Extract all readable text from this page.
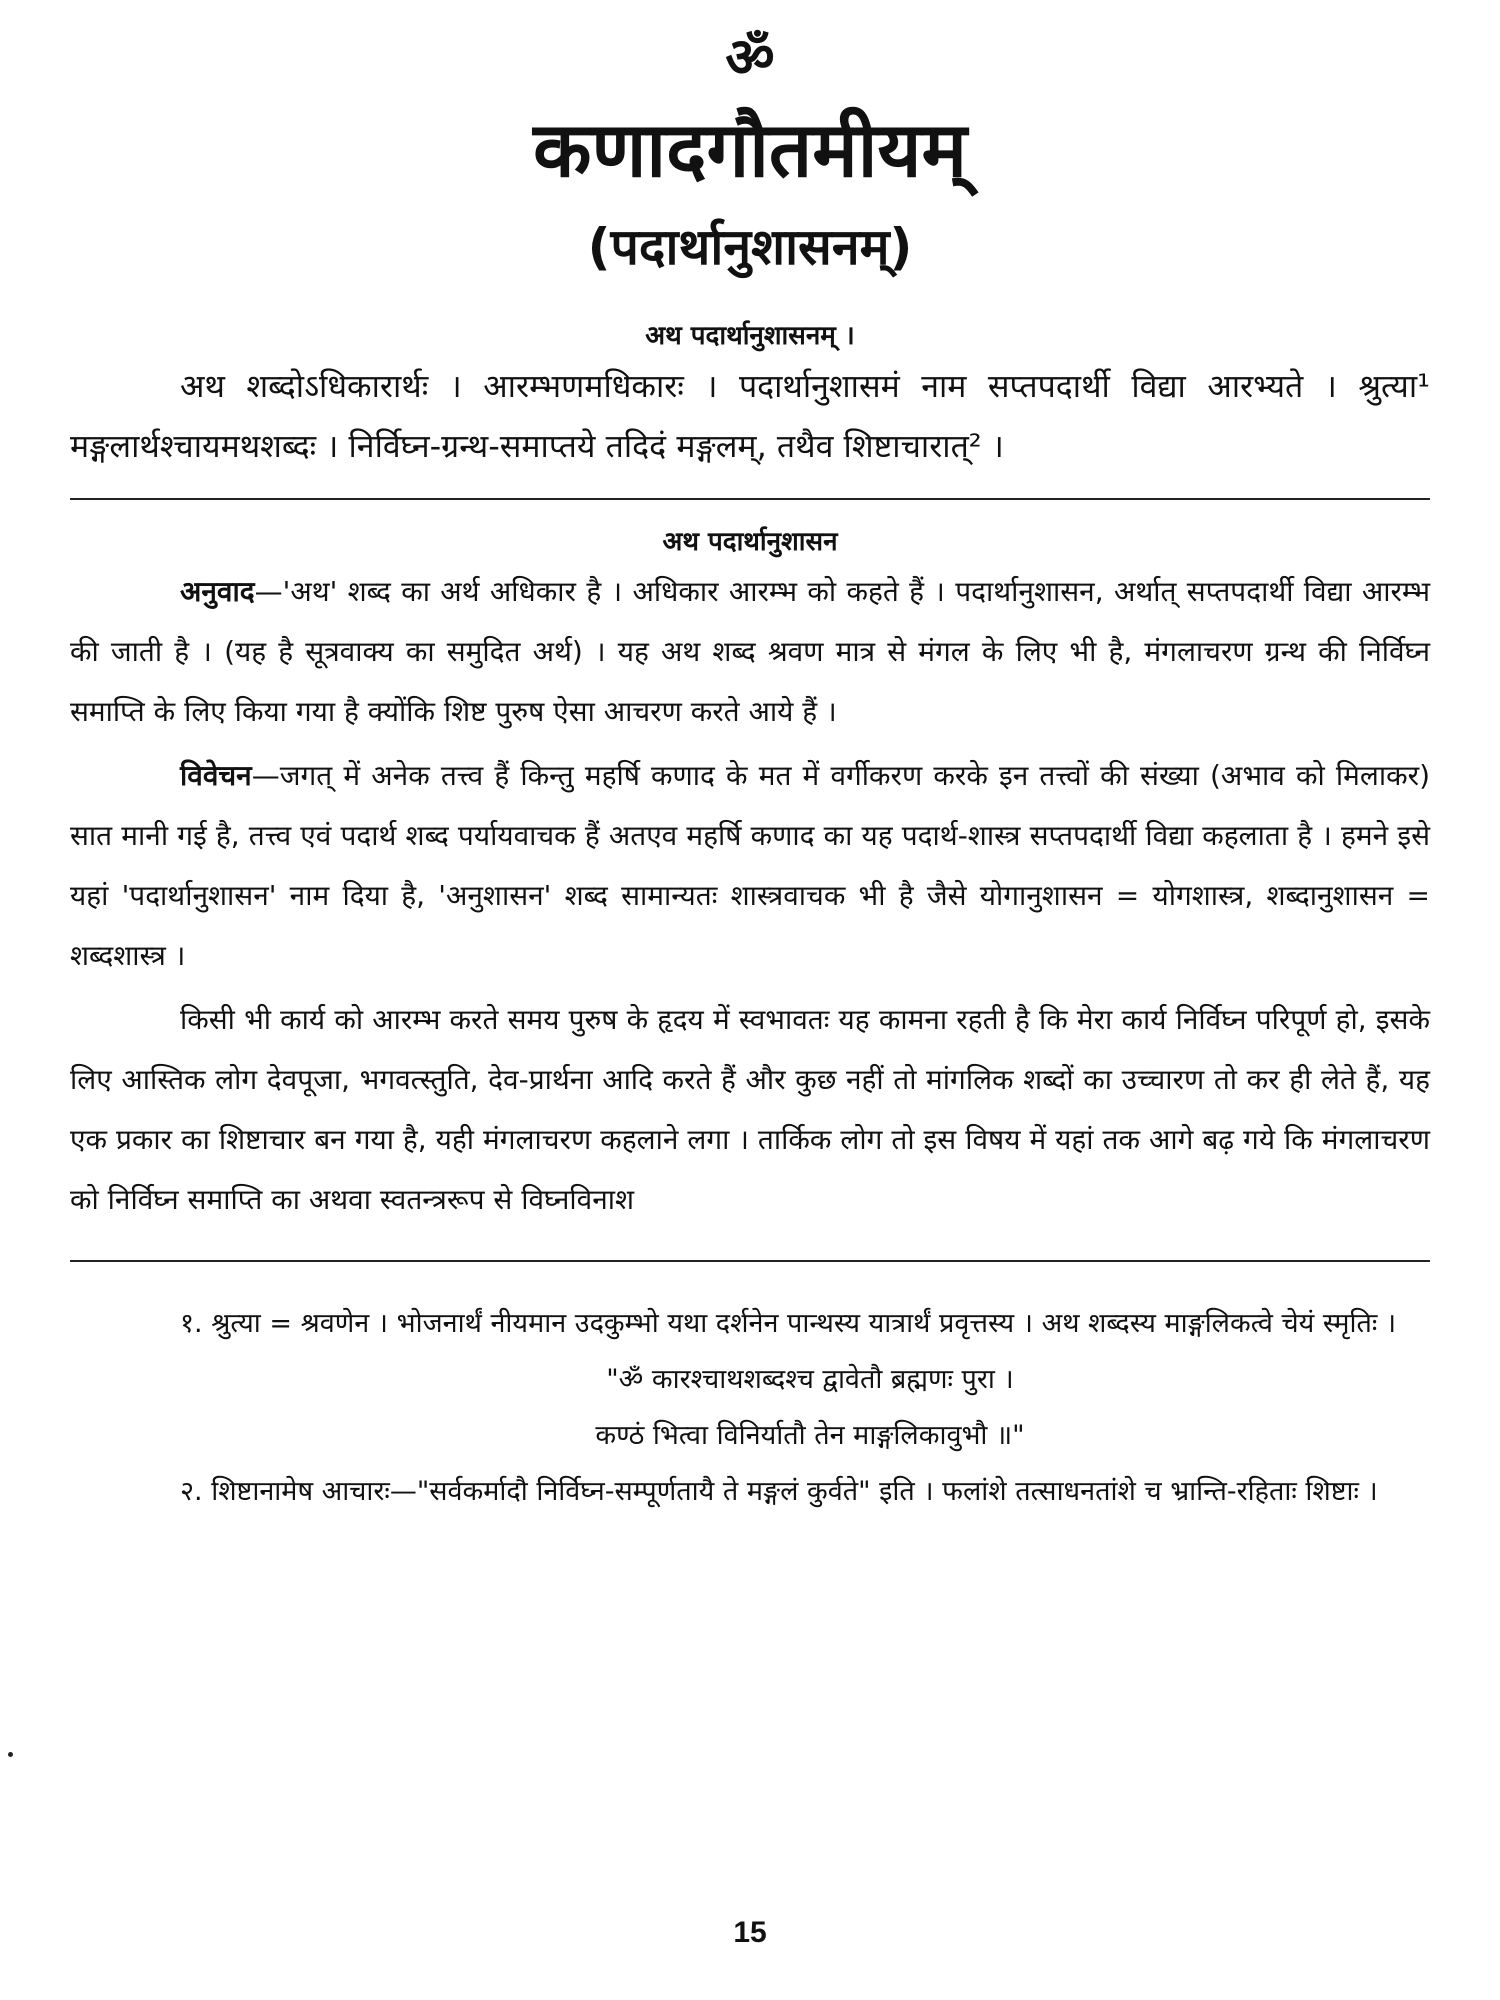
ॐ

कणादगौतमीयम्
(पदार्थानुशासनम्)
अथ पदार्थानुशासनम् ।

अथ शब्दोऽधिकारार्थः । आरम्भणमधिकारः । पदार्थानुशासमं नाम सप्तपदार्थी विद्या आरभ्यते । श्रुत्या¹ मङ्गलार्थश्चायमथशब्दः । निर्विघ्न-ग्रन्थ-समाप्तये तदिदं मङ्गलम्, तथैव शिष्टाचारात्² ।

अथ पदार्थानुशासन

अनुवाद—'अथ' शब्द का अर्थ अधिकार है । अधिकार आरम्भ को कहते हैं । पदार्थानुशासन, अर्थात् सप्तपदार्थी विद्या आरम्भ की जाती है । (यह है सूत्रवाक्य का समुदित अर्थ) । यह अथ शब्द श्रवण मात्र से मंगल के लिए भी है, मंगलाचरण ग्रन्थ की निर्विघ्न समाप्ति के लिए किया गया है क्योंकि शिष्ट पुरुष ऐसा आचरण करते आये हैं ।

विवेचन—जगत् में अनेक तत्त्व हैं किन्तु महर्षि कणाद के मत में वर्गीकरण करके इन तत्त्वों की संख्या (अभाव को मिलाकर) सात मानी गई है, तत्त्व एवं पदार्थ शब्द पर्यायवाचक हैं अतएव महर्षि कणाद का यह पदार्थ-शास्त्र सप्तपदार्थी विद्या कहलाता है । हमने इसे यहां 'पदार्थानुशासन' नाम दिया है, 'अनुशासन' शब्द सामान्यतः शास्त्रवाचक भी है जैसे योगानुशासन = योगशास्त्र, शब्दानुशासन = शब्दशास्त्र ।

किसी भी कार्य को आरम्भ करते समय पुरुष के हृदय में स्वभावतः यह कामना रहती है कि मेरा कार्य निर्विघ्न परिपूर्ण हो, इसके लिए आस्तिक लोग देवपूजा, भगवत्स्तुति, देव-प्रार्थना आदि करते हैं और कुछ नहीं तो मांगलिक शब्दों का उच्चारण तो कर ही लेते हैं, यह एक प्रकार का शिष्टाचार बन गया है, यही मंगलाचरण कहलाने लगा । तार्किक लोग तो इस विषय में यहां तक आगे बढ़ गये कि मंगलाचरण को निर्विघ्न समाप्ति का अथवा स्वतन्त्ररूप से विघ्नविनाश

१. श्रुत्या = श्रवणेन । भोजनार्थं नीयमान उदकुम्भो यथा दर्शनेन पान्थस्य यात्रार्थं प्रवृत्तस्य । अथ शब्दस्य माङ्गलिकत्वे चेयं स्मृतिः ।

"ॐ कारश्चाथशब्दश्च द्वावेतौ ब्रह्मणः पुरा ।

कण्ठं भित्वा विनिर्यातौ तेन माङ्गलिकावुभौ ॥"

२. शिष्टानामेष आचारः—"सर्वकर्मादौ निर्विघ्न-सम्पूर्णतायै ते मङ्गलं कुर्वते" इति । फलांशे तत्साधनतांशे च भ्रान्ति-रहिताः शिष्टाः ।

15
